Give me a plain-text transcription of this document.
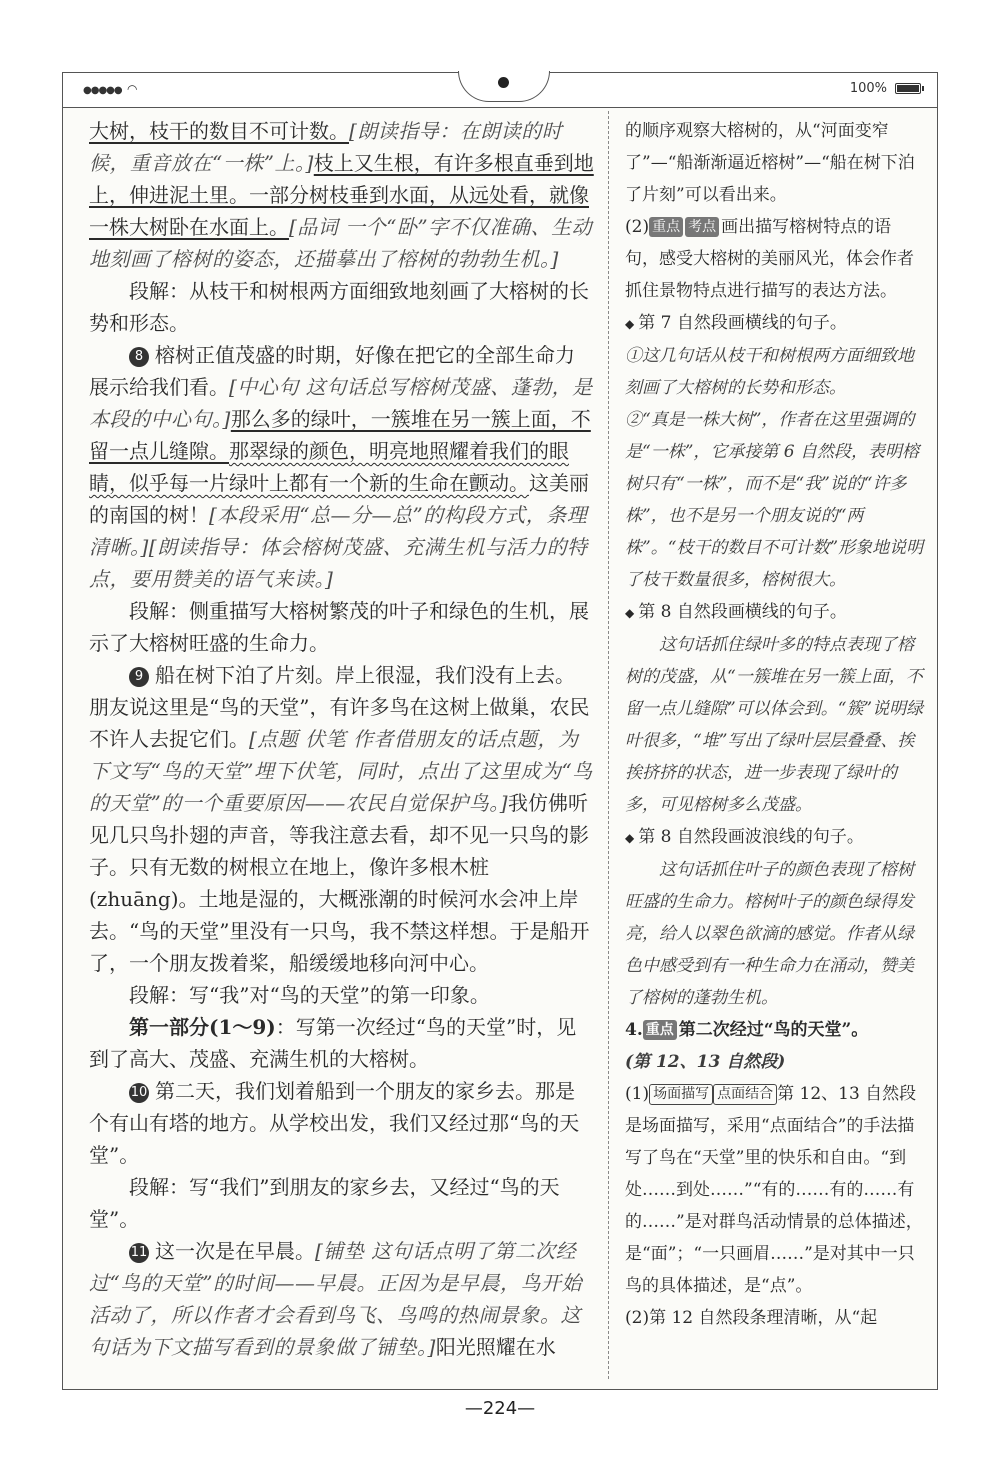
●●●●● ◠	100%

大树，枝干的数目不可计数。[朗读指导：在朗读的时候，重音放在“一株”上。]枝上又生根，有许多根直垂到地上，伸进泥土里。一部分树枝垂到水面，从远处看，就像一株大树卧在水面上。[品词 一个“卧”字不仅准确、生动地刻画了榕树的姿态，还描摹出了榕树的勃勃生机。]

段解：从枝干和树根两方面细致地刻画了大榕树的长势和形态。

8 榕树正值茂盛的时期，好像在把它的全部生命力展示给我们看。[中心句 这句话总写榕树茂盛、蓬勃，是本段的中心句。]那么多的绿叶，一簇堆在另一簇上面，不留一点儿缝隙。那翠绿的颜色，明亮地照耀着我们的眼睛，似乎每一片绿叶上都有一个新的生命在颤动。这美丽的南国的树！[本段采用“总—分—总”的构段方式，条理清晰。][朗读指导：体会榕树茂盛、充满生机与活力的特点，要用赞美的语气来读。]

段解：侧重描写大榕树繁茂的叶子和绿色的生机，展示了大榕树旺盛的生命力。

9 船在树下泊了片刻。岸上很湿，我们没有上去。朋友说这里是“鸟的天堂”，有许多鸟在这树上做巢，农民不许人去捉它们。[点题 伏笔 作者借朋友的话点题，为下文写“鸟的天堂”埋下伏笔，同时，点出了这里成为“鸟的天堂”的一个重要原因——农民自觉保护鸟。]我仿佛听见几只鸟扑翅的声音，等我注意去看，却不见一只鸟的影子。只有无数的树根立在地上，像许多根木桩(zhuāng)。土地是湿的，大概涨潮的时候河水会冲上岸去。“鸟的天堂”里没有一只鸟，我不禁这样想。于是船开了，一个朋友拨着桨，船缓缓地移向河中心。

段解：写“我”对“鸟的天堂”的第一印象。

第一部分(1～9)：写第一次经过“鸟的天堂”时，见到了高大、茂盛、充满生机的大榕树。

10 第二天，我们划着船到一个朋友的家乡去。那是个有山有塔的地方。从学校出发，我们又经过那“鸟的天堂”。

段解：写“我们”到朋友的家乡去，又经过“鸟的天堂”。

11 这一次是在早晨。[铺垫 这句话点明了第二次经过“鸟的天堂”的时间——早晨。正因为是早晨，鸟开始活动了，所以作者才会看到鸟飞、鸟鸣的热闹景象。这句话为下文描写看到的景象做了铺垫。]阳光照耀在水

的顺序观察大榕树的，从“河面变窄了”—“船渐渐逼近榕树”—“船在树下泊了片刻”可以看出来。

(2) 重点 考点 画出描写榕树特点的语句，感受大榕树的美丽风光，体会作者抓住景物特点进行描写的表达方法。

◆ 第 7 自然段画横线的句子。

①这几句话从枝干和树根两方面细致地刻画了大榕树的长势和形态。

②“真是一株大树”，作者在这里强调的是“一株”，它承接第 6 自然段，表明榕树只有“一株”，而不是“我”说的“许多株”，也不是另一个朋友说的“两株”。“枝干的数目不可计数”形象地说明了枝干数量很多，榕树很大。

◆ 第 8 自然段画横线的句子。

这句话抓住绿叶多的特点表现了榕树的茂盛，从“一簇堆在另一簇上面，不留一点儿缝隙”可以体会到。“簇”说明绿叶很多，“堆”写出了绿叶层层叠叠、挨挨挤挤的状态，进一步表现了绿叶的多，可见榕树多么茂盛。

◆ 第 8 自然段画波浪线的句子。

这句话抓住叶子的颜色表现了榕树旺盛的生命力。榕树叶子的颜色绿得发亮，给人以翠色欲滴的感觉。作者从绿色中感受到有一种生命力在涌动，赞美了榕树的蓬勃生机。

4. 重点 第二次经过“鸟的天堂”。

(第 12、13 自然段)

(1) 场面描写 点面结合 第 12、13 自然段是场面描写，采用“点面结合”的手法描写了鸟在“天堂”里的快乐和自由。“到处……到处……”“有的……有的……有的……”是对群鸟活动情景的总体描述，是“面”；“一只画眉……”是对其中一只鸟的具体描述，是“点”。

(2)第 12 自然段条理清晰，从“起

—224—
